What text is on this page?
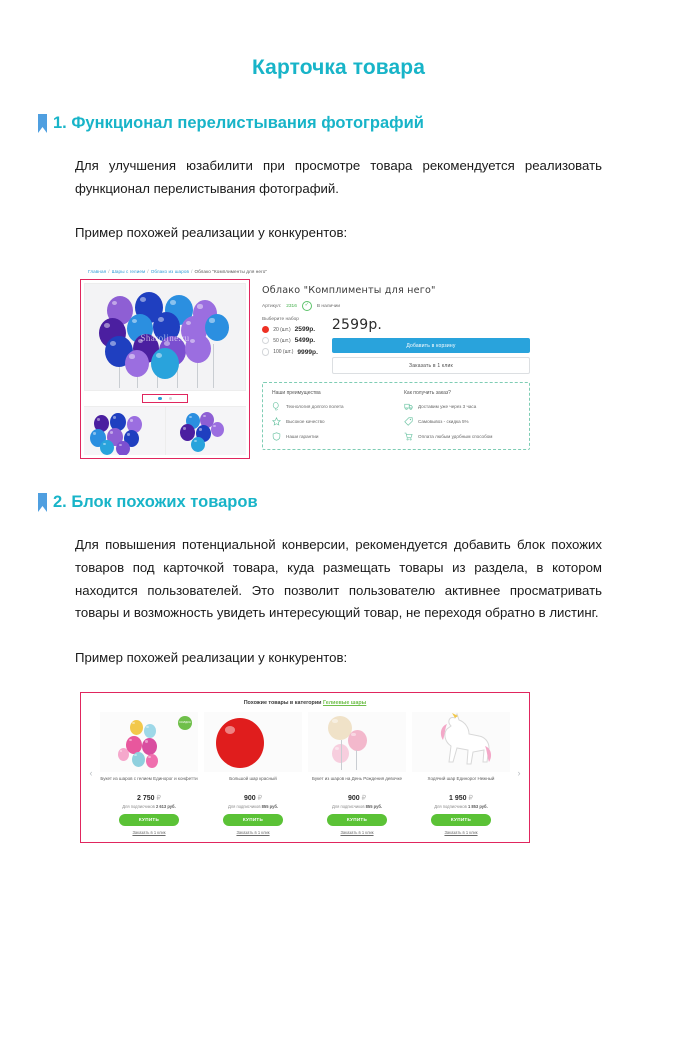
Карточка товара
1. Функционал перелистывания фотографий
Для улучшения юзабилити при просмотре товара рекомендуется реализовать функционал перелистывания фотографий.
Пример похожей реализации у конкурентов:
Главная / Шары с гелием / Облако из шаров / Облако "Комплименты для него"
Sharoline.ru
Облако "Комплименты для него"
Артикул: 2316	✓	В наличии
Выберите набор
20 (шт.) 2599р.
50 (шт.) 5499р.
100 (шт.) 9999р.
2599р.
Добавить в корзину
Заказать в 1 клик
Наши преимущества
Технология долгого полета
Высокое качество
Наши гарантии
Как получить заказ?
Доставим уже через 3 часа
Самовывоз - скидка 5%
Оплата любым удобным способом
2. Блок похожих товаров
Для повышения потенциальной конверсии, рекомендуется добавить блок похожих товаров под карточкой товара, куда размещать товары из раздела, в котором находится пользователей. Это позволит пользователю активнее просматривать товары и возможность увидеть интересующий товар, не переходя обратно в листинг.
Пример похожей реализации у конкурентов:
Похожие товары в категории Гелиевые шары
‹
СКИДКА
Букет из шаров с гелием Единорог и конфетти
2 750 ₽
Для подписчиков 2 613 руб.
КУПИТЬ
Заказать в 1 клик
Большой шар красный
900 ₽
Для подписчиков 855 руб.
КУПИТЬ
Заказать в 1 клик
Букет из шаров на День Рождения девочке
900 ₽
Для подписчиков 855 руб.
КУПИТЬ
Заказать в 1 клик
Ходячий шар Единорог Нежный
1 950 ₽
Для подписчиков 1 853 руб.
КУПИТЬ
Заказать в 1 клик
›
